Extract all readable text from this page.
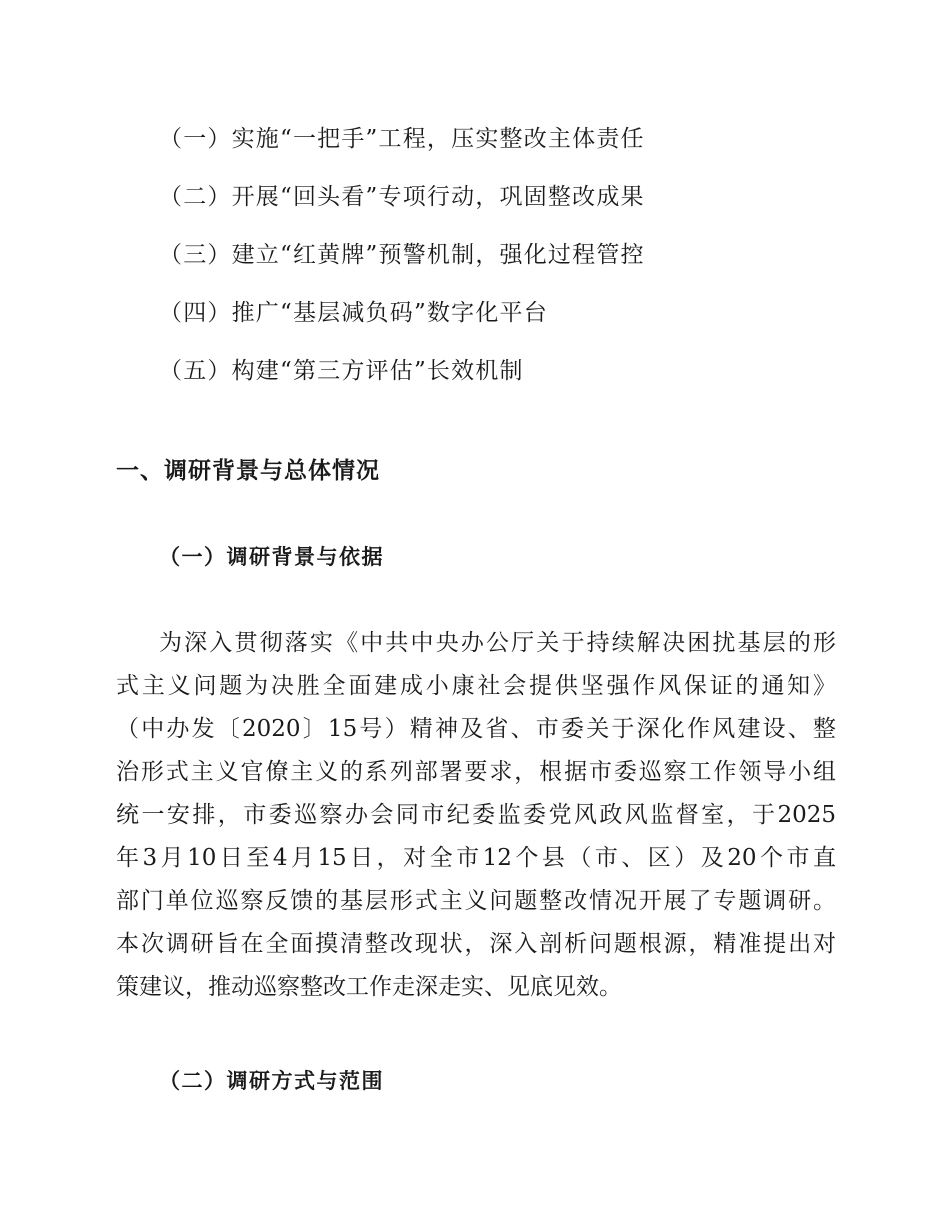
（一）实施“一把手”工程，压实整改主体责任
（二）开展“回头看”专项行动，巩固整改成果
（三）建立“红黄牌”预警机制，强化过程管控
（四）推广“基层减负码”数字化平台
（五）构建“第三方评估”长效机制
一、调研背景与总体情况
（一）调研背景与依据
为深入贯彻落实《中共中央办公厅关于持续解决困扰基层的形
式主义问题为决胜全面建成小康社会提供坚强作风保证的通知》
（中办发〔2020〕15号）精神及省、市委关于深化作风建设、整
治形式主义官僚主义的系列部署要求，根据市委巡察工作领导小组
统一安排，市委巡察办会同市纪委监委党风政风监督室，于2025
年3月10日至4月15日，对全市12个县（市、区）及20个市直
部门单位巡察反馈的基层形式主义问题整改情况开展了专题调研。
本次调研旨在全面摸清整改现状，深入剖析问题根源，精准提出对
策建议，推动巡察整改工作走深走实、见底见效。
（二）调研方式与范围
